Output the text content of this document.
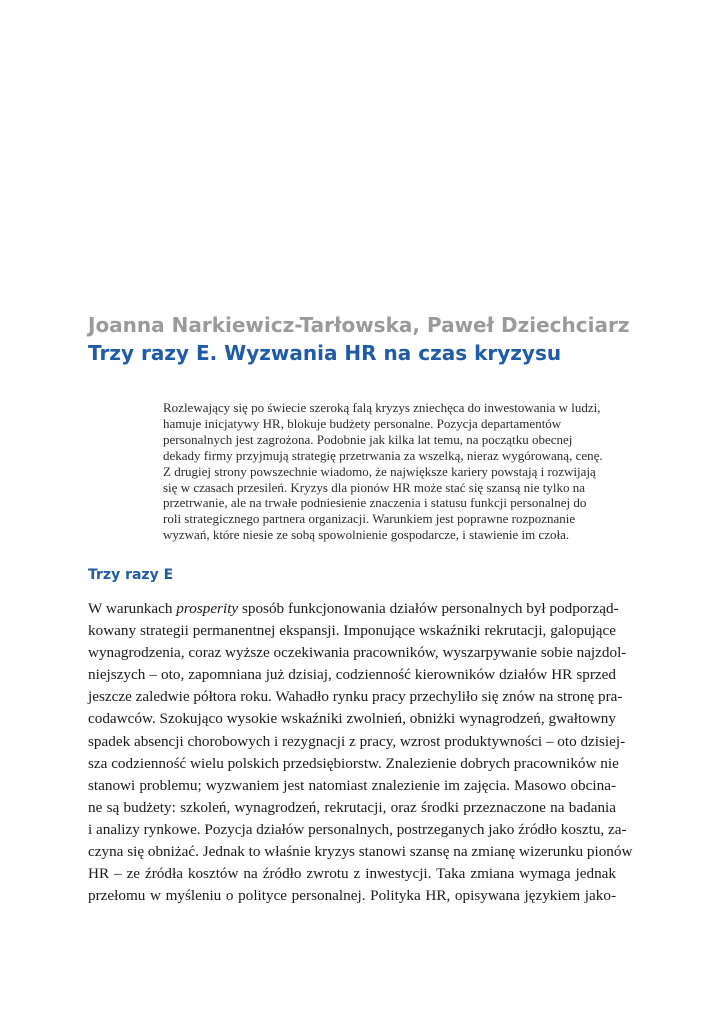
Joanna Narkiewicz-Tarłowska, Paweł Dziechciarz
Trzy razy E. Wyzwania HR na czas kryzysu
Rozlewający się po świecie szeroką falą kryzys zniechęca do inwestowania w ludzi,
hamuje inicjatywy HR, blokuje budżety personalne. Pozycja departamentów
personalnych jest zagrożona. Podobnie jak kilka lat temu, na początku obecnej
dekady firmy przyjmują strategię przetrwania za wszelką, nieraz wygórowaną, cenę.
Z drugiej strony powszechnie wiadomo, że największe kariery powstają i rozwijają
się w czasach przesileń. Kryzys dla pionów HR może stać się szansą nie tylko na
przetrwanie, ale na trwałe podniesienie znaczenia i statusu funkcji personalnej do
roli strategicznego partnera organizacji. Warunkiem jest poprawne rozpoznanie
wyzwań, które niesie ze sobą spowolnienie gospodarcze, i stawienie im czoła.
Trzy razy E
W warunkach prosperity sposób funkcjonowania działów personalnych był podporząd-
kowany strategii permanentnej ekspansji. Imponujące wskaźniki rekrutacji, galopujące
wynagrodzenia, coraz wyższe oczekiwania pracowników, wyszarpywanie sobie najzdol-
niejszych – oto, zapomniana już dzisiaj, codzienność kierowników działów HR sprzed
jeszcze zaledwie półtora roku. Wahadło rynku pracy przechyliło się znów na stronę pra-
codawców. Szokująco wysokie wskaźniki zwolnień, obniżki wynagrodzeń, gwałtowny
spadek absencji chorobowych i rezygnacji z pracy, wzrost produktywności – oto dzisiej-
sza codzienność wielu polskich przedsiębiorstw. Znalezienie dobrych pracowników nie
stanowi problemu; wyzwaniem jest natomiast znalezienie im zajęcia. Masowo obcina-
ne są budżety: szkoleń, wynagrodzeń, rekrutacji, oraz środki przeznaczone na badania
i analizy rynkowe. Pozycja działów personalnych, postrzeganych jako źródło kosztu, za-
czyna się obniżać. Jednak to właśnie kryzys stanowi szansę na zmianę wizerunku pionów
HR – ze źródła kosztów na źródło zwrotu z inwestycji. Taka zmiana wymaga jednak
przełomu w myśleniu o polityce personalnej. Polityka HR, opisywana językiem jako-
